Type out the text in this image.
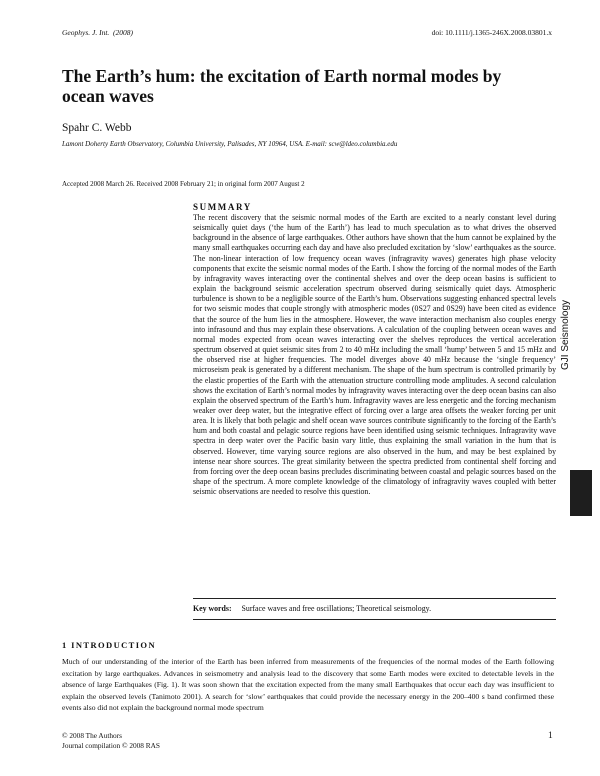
Geophys. J. Int. (2008)	doi: 10.1111/j.1365-246X.2008.03801.x
The Earth’s hum: the excitation of Earth normal modes by ocean waves
Spahr C. Webb
Lamont Doherty Earth Observatory, Columbia University, Palisades, NY 10964, USA. E-mail: scw@ldeo.columbia.edu
Accepted 2008 March 26. Received 2008 February 21; in original form 2007 August 2
SUMMARY
The recent discovery that the seismic normal modes of the Earth are excited to a nearly constant level during seismically quiet days (‘the hum of the Earth’) has lead to much speculation as to what drives the observed background in the absence of large earthquakes. Other authors have shown that the hum cannot be explained by the many small earthquakes occurring each day and have also precluded excitation by ‘slow’ earthquakes as the source. The non-linear interaction of low frequency ocean waves (infragravity waves) generates high phase velocity components that excite the seismic normal modes of the Earth. I show the forcing of the normal modes of the Earth by infragravity waves interacting over the continental shelves and over the deep ocean basins is sufficient to explain the background seismic acceleration spectrum observed during seismically quiet days. Atmospheric turbulence is shown to be a negligible source of the Earth’s hum. Observations suggesting enhanced spectral levels for two seismic modes that couple strongly with atmospheric modes (0S27 and 0S29) have been cited as evidence that the source of the hum lies in the atmosphere. However, the wave interaction mechanism also couples energy into infrasound and thus may explain these observations. A calculation of the coupling between ocean waves and normal modes expected from ocean waves interacting over the shelves reproduces the vertical acceleration spectrum observed at quiet seismic sites from 2 to 40 mHz including the small ‘hump’ between 5 and 15 mHz and the observed rise at higher frequencies. The model diverges above 40 mHz because the ‘single frequency’ microseism peak is generated by a different mechanism. The shape of the hum spectrum is controlled primarily by the elastic properties of the Earth with the attenuation structure controlling mode amplitudes. A second calculation shows the excitation of Earth’s normal modes by infragravity waves interacting over the deep ocean basins can also explain the observed spectrum of the Earth’s hum. Infragravity waves are less energetic and the forcing mechanism weaker over deep water, but the integrative effect of forcing over a large area offsets the weaker forcing per unit area. It is likely that both pelagic and shelf ocean wave sources contribute significantly to the forcing of the Earth’s hum and both coastal and pelagic source regions have been identified using seismic techniques. Infragravity wave spectra in deep water over the Pacific basin vary little, thus explaining the small variation in the hum that is observed. However, time varying source regions are also observed in the hum, and may be best explained by intense near shore sources. The great similarity between the spectra predicted from continental shelf forcing and from forcing over the deep ocean basins precludes discriminating between coastal and pelagic sources based on the shape of the spectrum. A more complete knowledge of the climatology of infragravity waves coupled with better seismic observations are needed to resolve this question.
Key words: Surface waves and free oscillations; Theoretical seismology.
GJI Seismology
1 INTRODUCTION
Much of our understanding of the interior of the Earth has been inferred from measurements of the frequencies of the normal modes of the Earth following excitation by large earthquakes. Advances in seismometry and analysis lead to the discovery that some Earth modes were excited to detectable levels in the absence of large Earthquakes (Fig. 1). It was soon shown that the excitation expected from the many small Earthquakes that occur each day was insufficient to explain the observed levels (Tanimoto 2001). A search for ‘slow’ earthquakes that could provide the necessary energy in the 200–400 s band confirmed these events also did not explain the background normal mode spectrum
© 2008 The Authors
Journal compilation © 2008 RAS
1
